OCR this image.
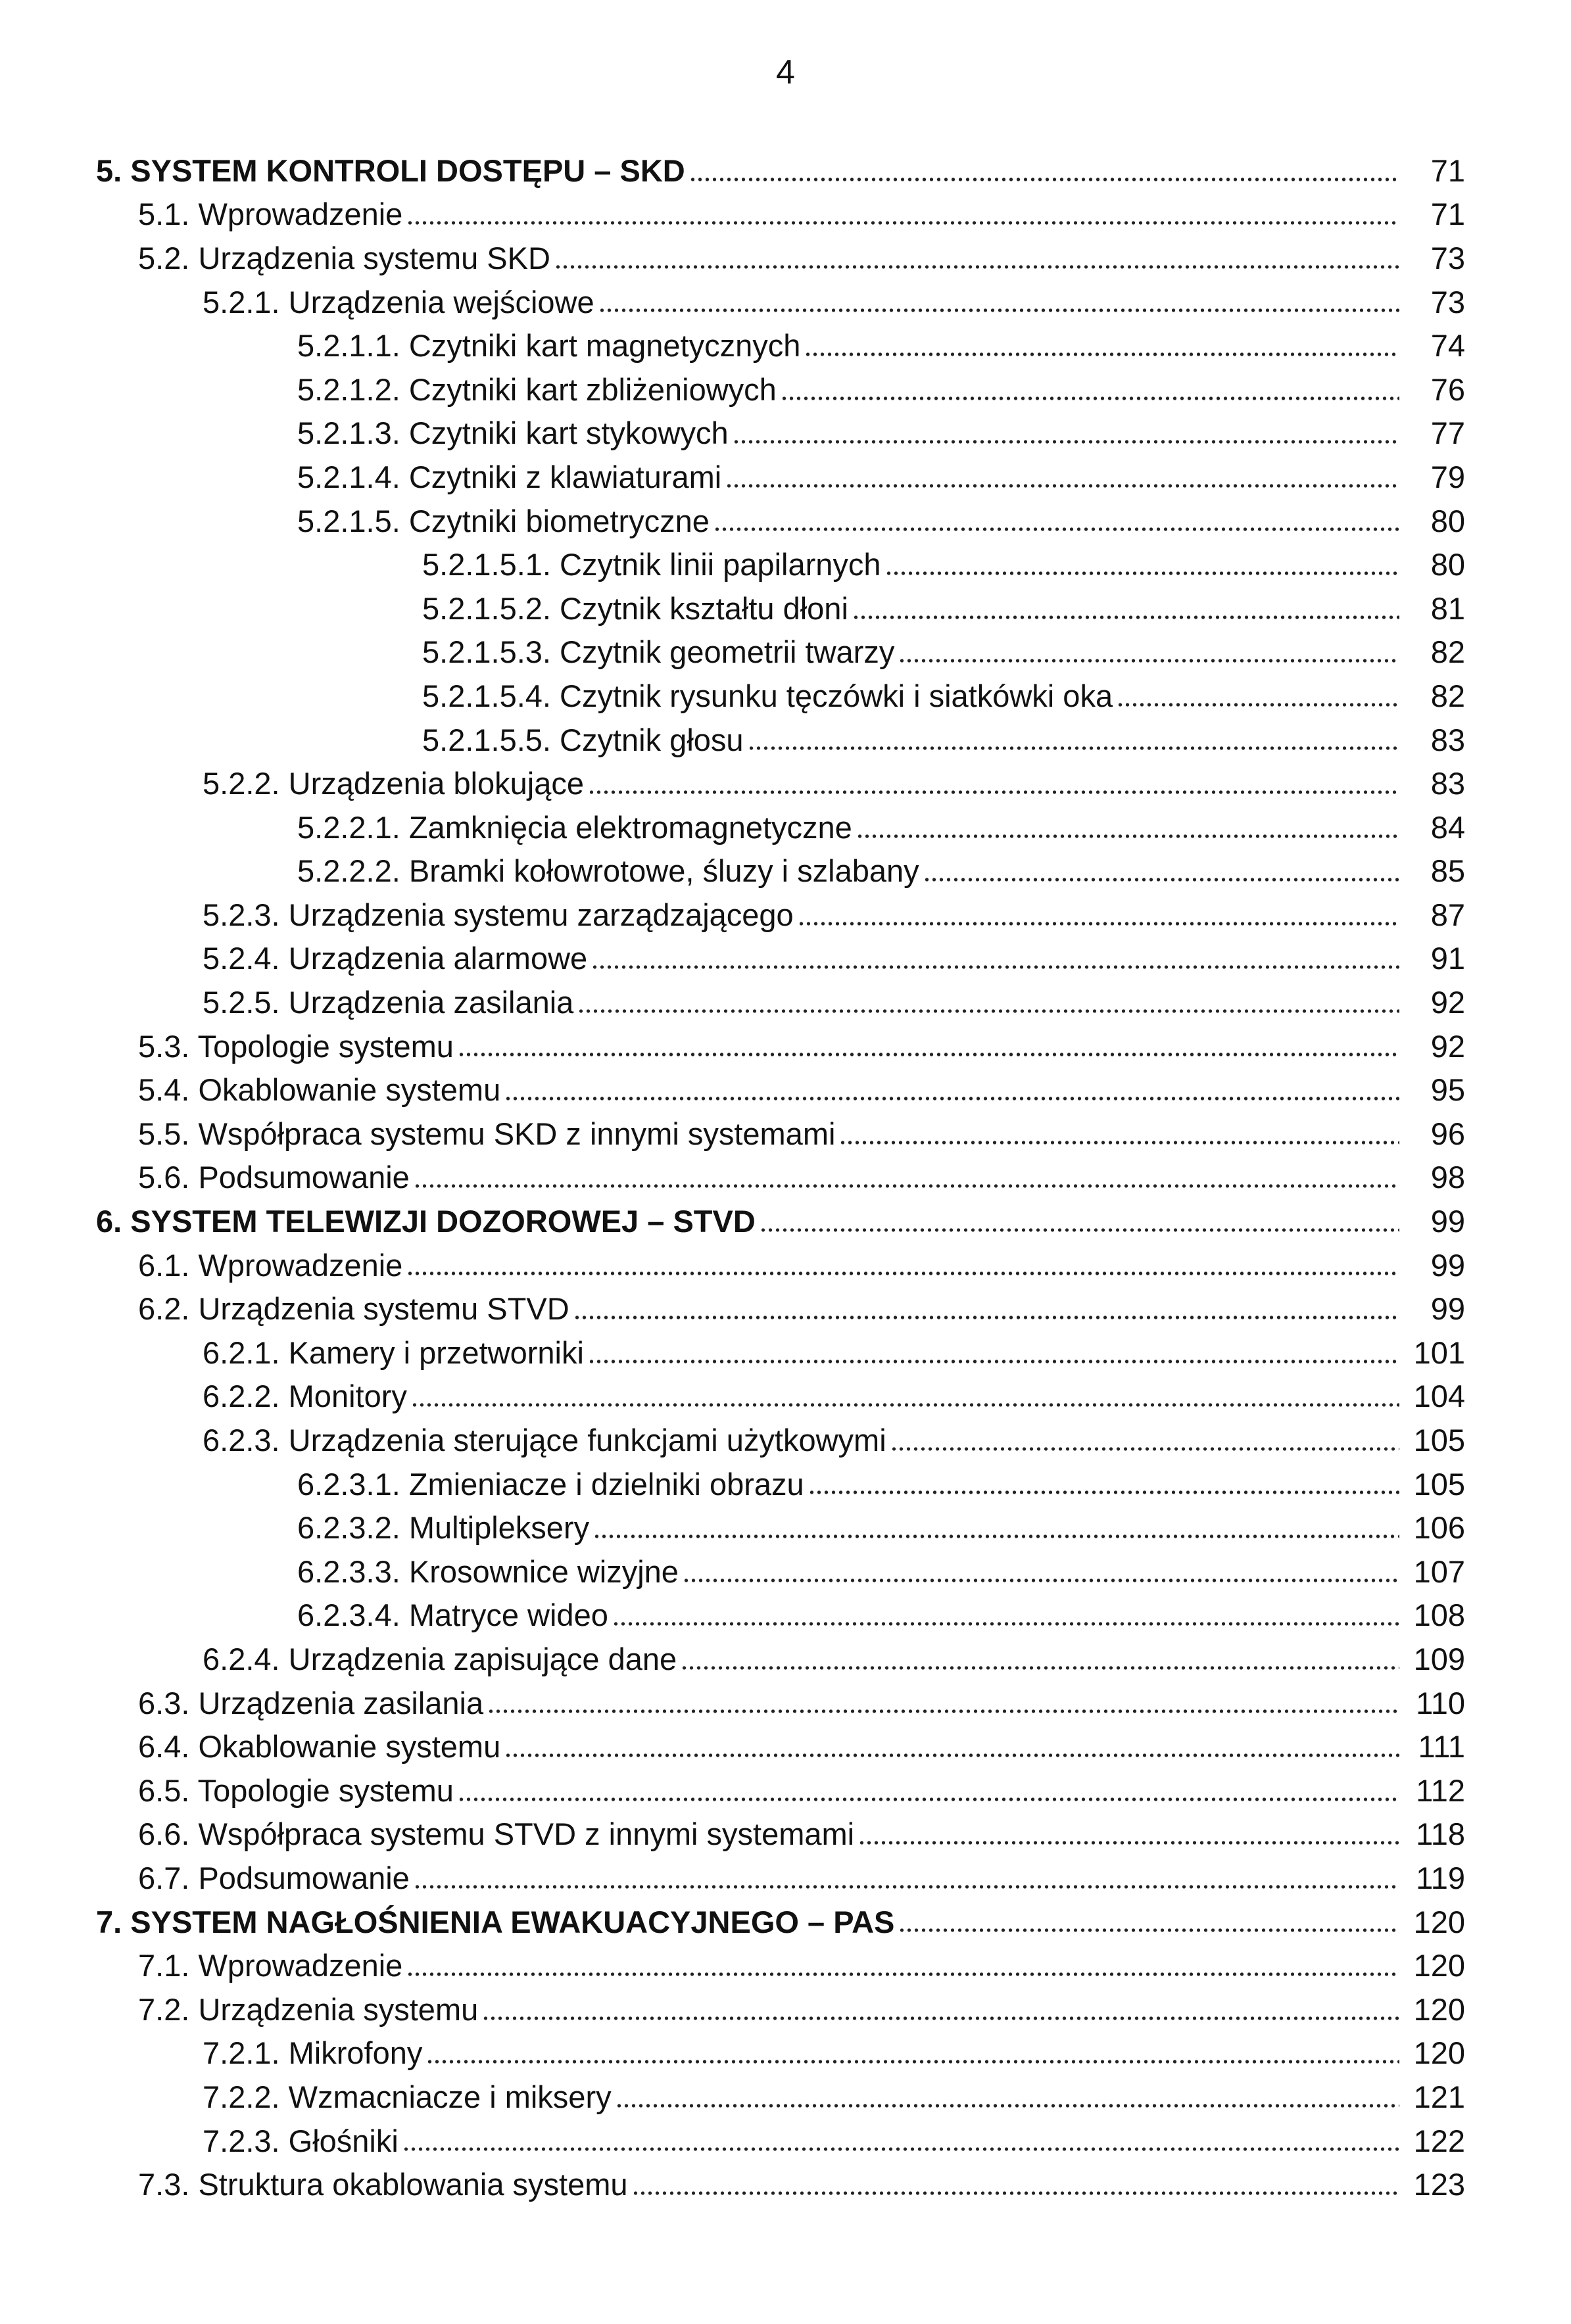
4
5. SYSTEM KONTROLI DOSTĘPU – SKD	71
5.1. Wprowadzenie	71
5.2. Urządzenia systemu SKD	73
5.2.1. Urządzenia wejściowe	73
5.2.1.1. Czytniki kart magnetycznych	74
5.2.1.2. Czytniki kart zbliżeniowych	76
5.2.1.3. Czytniki kart stykowych	77
5.2.1.4. Czytniki z klawiaturami	79
5.2.1.5. Czytniki biometryczne	80
5.2.1.5.1. Czytnik linii papilarnych	80
5.2.1.5.2. Czytnik kształtu dłoni	81
5.2.1.5.3. Czytnik geometrii twarzy	82
5.2.1.5.4. Czytnik rysunku tęczówki i siatkówki oka	82
5.2.1.5.5. Czytnik głosu	83
5.2.2. Urządzenia blokujące	83
5.2.2.1. Zamknięcia elektromagnetyczne	84
5.2.2.2. Bramki kołowrotowe, śluzy i szlabany	85
5.2.3. Urządzenia systemu zarządzającego	87
5.2.4. Urządzenia alarmowe	91
5.2.5. Urządzenia zasilania	92
5.3. Topologie systemu	92
5.4. Okablowanie systemu	95
5.5. Współpraca systemu SKD z innymi systemami	96
5.6. Podsumowanie	98
6. SYSTEM TELEWIZJI DOZOROWEJ – STVD	99
6.1. Wprowadzenie	99
6.2. Urządzenia systemu STVD	99
6.2.1. Kamery i przetworniki	101
6.2.2. Monitory	104
6.2.3. Urządzenia sterujące funkcjami użytkowymi	105
6.2.3.1. Zmieniacze i dzielniki obrazu	105
6.2.3.2. Multipleksery	106
6.2.3.3. Krosownice wizyjne	107
6.2.3.4. Matryce wideo	108
6.2.4. Urządzenia zapisujące dane	109
6.3. Urządzenia zasilania	110
6.4. Okablowanie systemu	111
6.5. Topologie systemu	112
6.6. Współpraca systemu STVD z innymi systemami	118
6.7. Podsumowanie	119
7. SYSTEM NAGŁOŚNIENIA EWAKUACYJNEGO – PAS	120
7.1. Wprowadzenie	120
7.2. Urządzenia systemu	120
7.2.1. Mikrofony	120
7.2.2. Wzmacniacze i miksery	121
7.2.3. Głośniki	122
7.3. Struktura okablowania systemu	123
